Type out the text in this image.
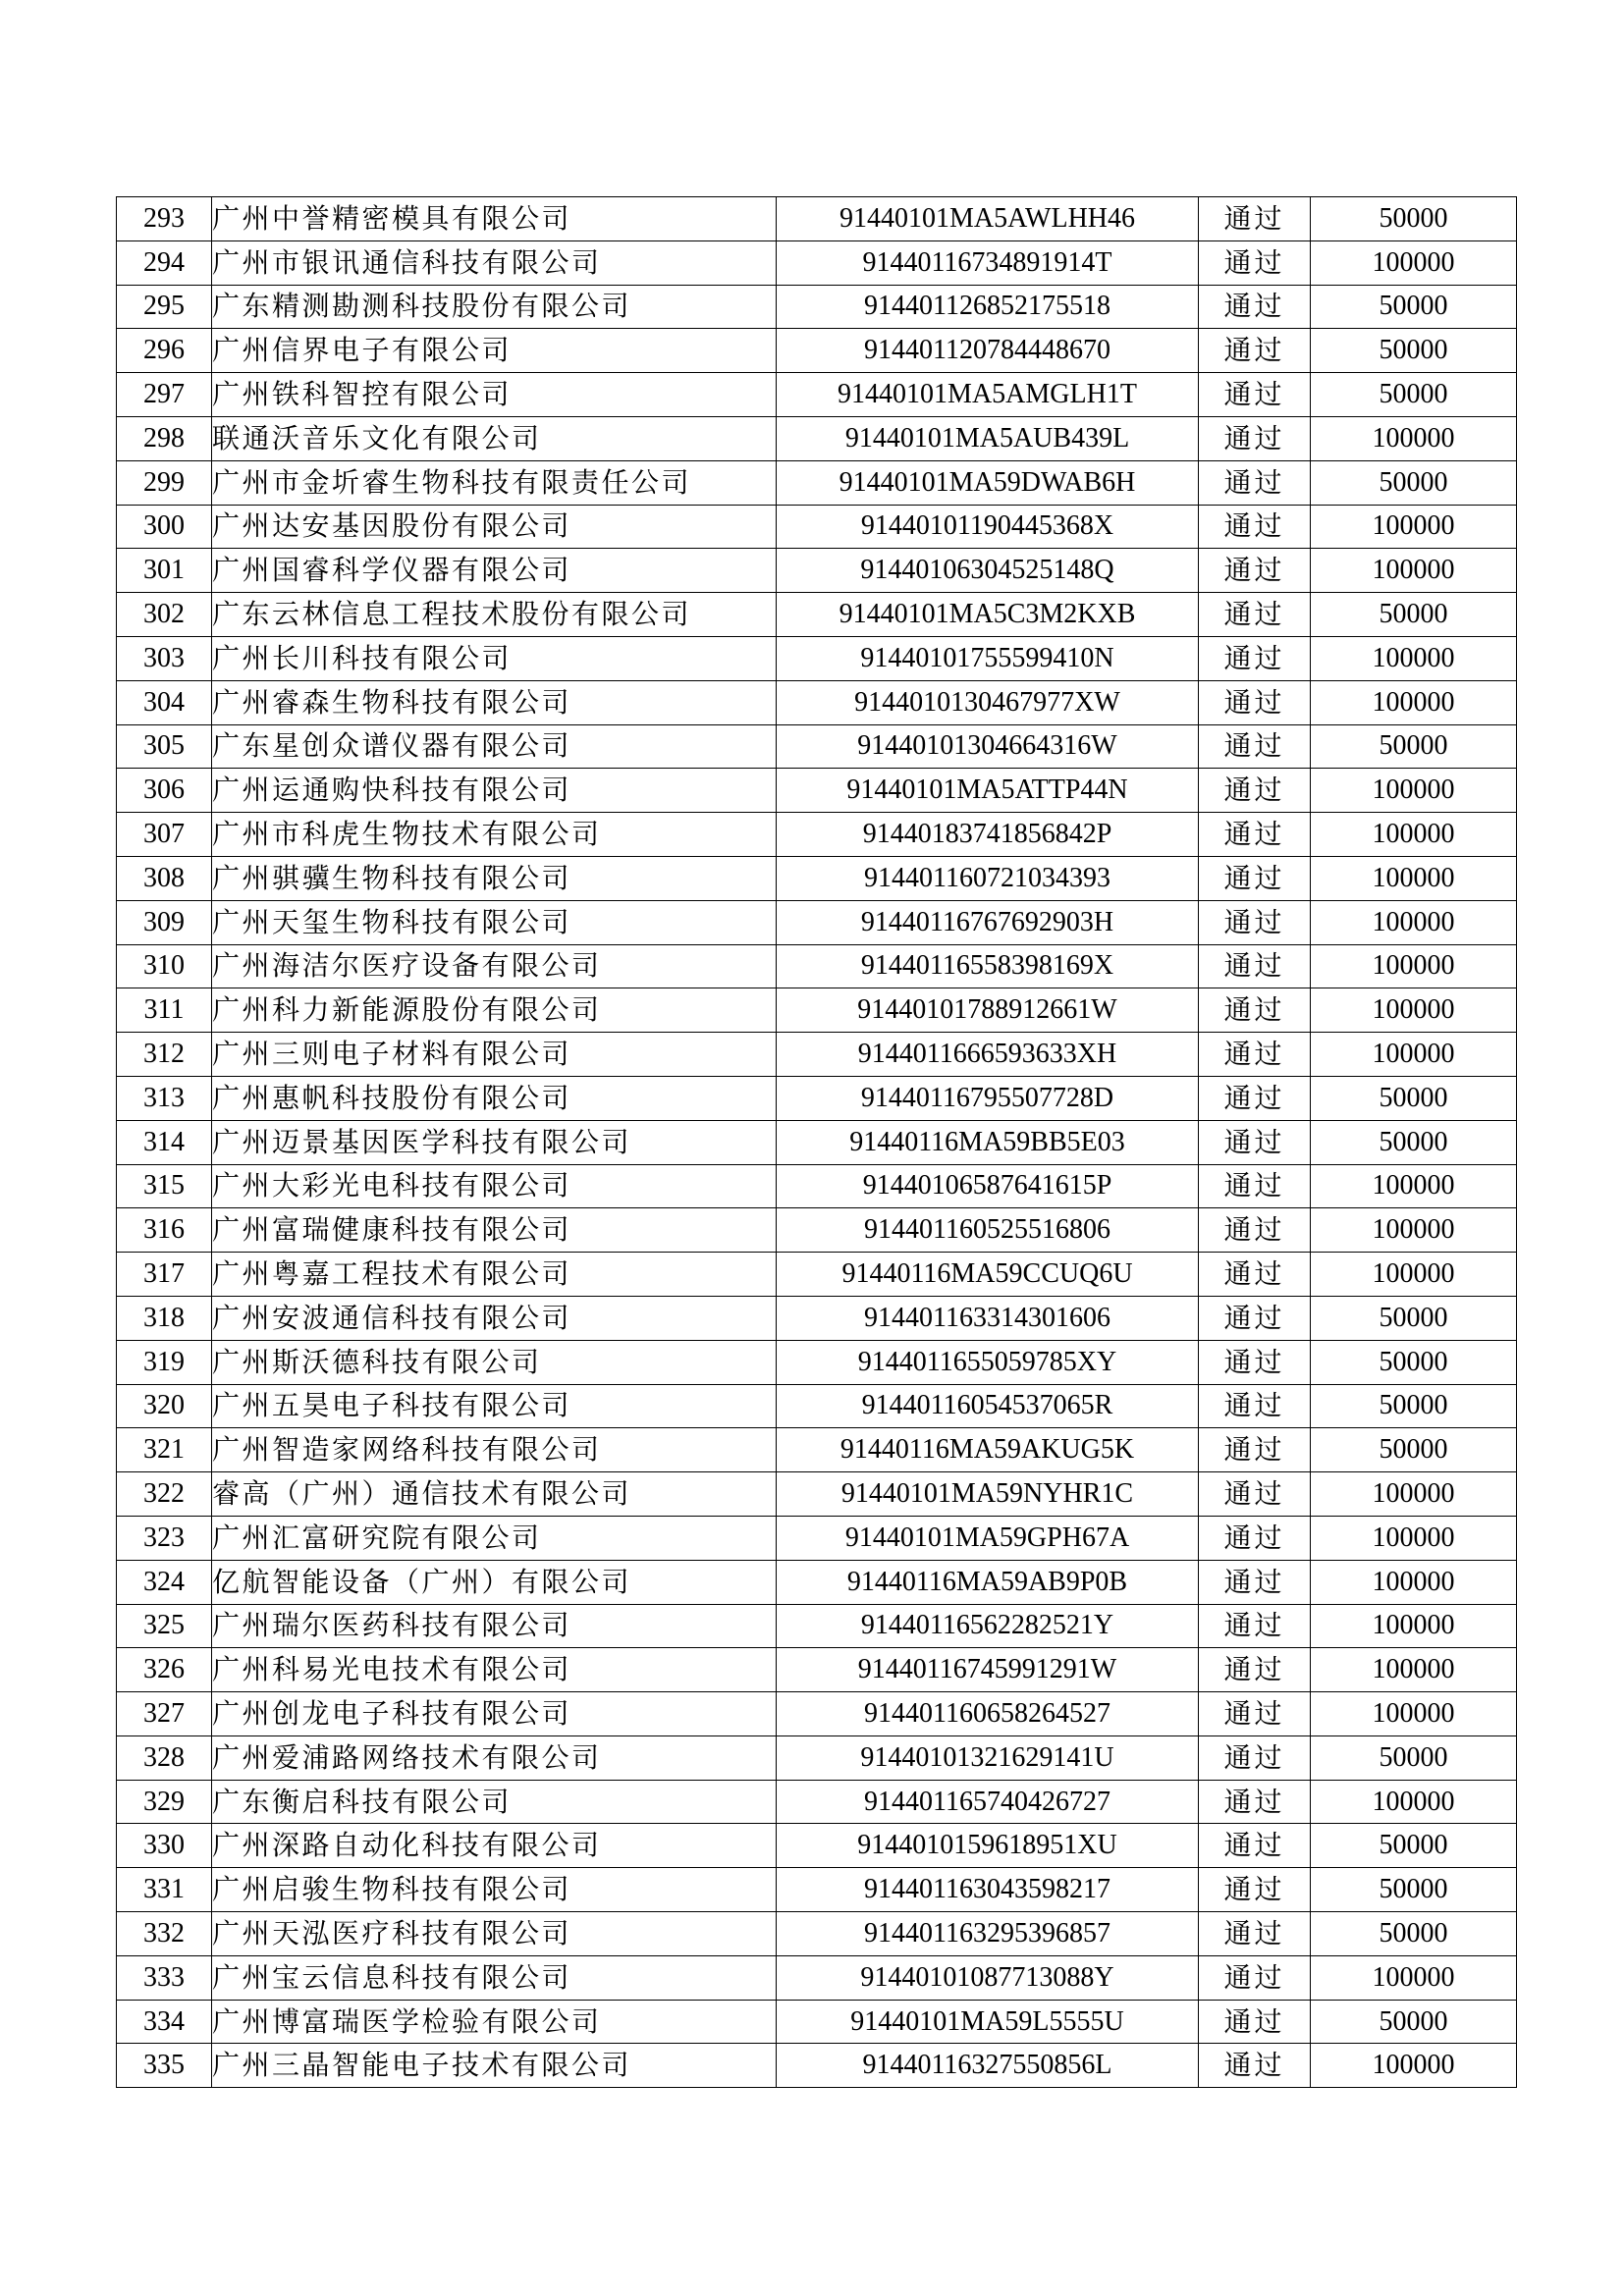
293	广州中誉精密模具有限公司	91440101MA5AWLHH46	通过	50000
294	广州市银讯通信科技有限公司	91440116734891914T	通过	100000
295	广东精测勘测科技股份有限公司	914401126852175518	通过	50000
296	广州信界电子有限公司	914401120784448670	通过	50000
297	广州铁科智控有限公司	91440101MA5AMGLH1T	通过	50000
298	联通沃音乐文化有限公司	91440101MA5AUB439L	通过	100000
299	广州市金圻睿生物科技有限责任公司	91440101MA59DWAB6H	通过	50000
300	广州达安基因股份有限公司	91440101190445368X	通过	100000
301	广州国睿科学仪器有限公司	91440106304525148Q	通过	100000
302	广东云林信息工程技术股份有限公司	91440101MA5C3M2KXB	通过	50000
303	广州长川科技有限公司	91440101755599410N	通过	100000
304	广州睿森生物科技有限公司	9144010130467977XW	通过	100000
305	广东星创众谱仪器有限公司	91440101304664316W	通过	50000
306	广州运通购快科技有限公司	91440101MA5ATTP44N	通过	100000
307	广州市科虎生物技术有限公司	91440183741856842P	通过	100000
308	广州骐骥生物科技有限公司	914401160721034393	通过	100000
309	广州天玺生物科技有限公司	91440116767692903H	通过	100000
310	广州海洁尔医疗设备有限公司	91440116558398169X	通过	100000
311	广州科力新能源股份有限公司	91440101788912661W	通过	100000
312	广州三则电子材料有限公司	9144011666593633XH	通过	100000
313	广州惠帆科技股份有限公司	91440116795507728D	通过	50000
314	广州迈景基因医学科技有限公司	91440116MA59BB5E03	通过	50000
315	广州大彩光电科技有限公司	91440106587641615P	通过	100000
316	广州富瑞健康科技有限公司	914401160525516806	通过	100000
317	广州粤嘉工程技术有限公司	91440116MA59CCUQ6U	通过	100000
318	广州安波通信科技有限公司	914401163314301606	通过	50000
319	广州斯沃德科技有限公司	9144011655059785XY	通过	50000
320	广州五昊电子科技有限公司	91440116054537065R	通过	50000
321	广州智造家网络科技有限公司	91440116MA59AKUG5K	通过	50000
322	睿高（广州）通信技术有限公司	91440101MA59NYHR1C	通过	100000
323	广州汇富研究院有限公司	91440101MA59GPH67A	通过	100000
324	亿航智能设备（广州）有限公司	91440116MA59AB9P0B	通过	100000
325	广州瑞尔医药科技有限公司	91440116562282521Y	通过	100000
326	广州科易光电技术有限公司	91440116745991291W	通过	100000
327	广州创龙电子科技有限公司	914401160658264527	通过	100000
328	广州爱浦路网络技术有限公司	91440101321629141U	通过	50000
329	广东衡启科技有限公司	914401165740426727	通过	100000
330	广州深路自动化科技有限公司	9144010159618951XU	通过	50000
331	广州启骏生物科技有限公司	914401163043598217	通过	50000
332	广州天泓医疗科技有限公司	914401163295396857	通过	50000
333	广州宝云信息科技有限公司	91440101087713088Y	通过	100000
334	广州博富瑞医学检验有限公司	91440101MA59L5555U	通过	50000
335	广州三晶智能电子技术有限公司	91440116327550856L	通过	100000
